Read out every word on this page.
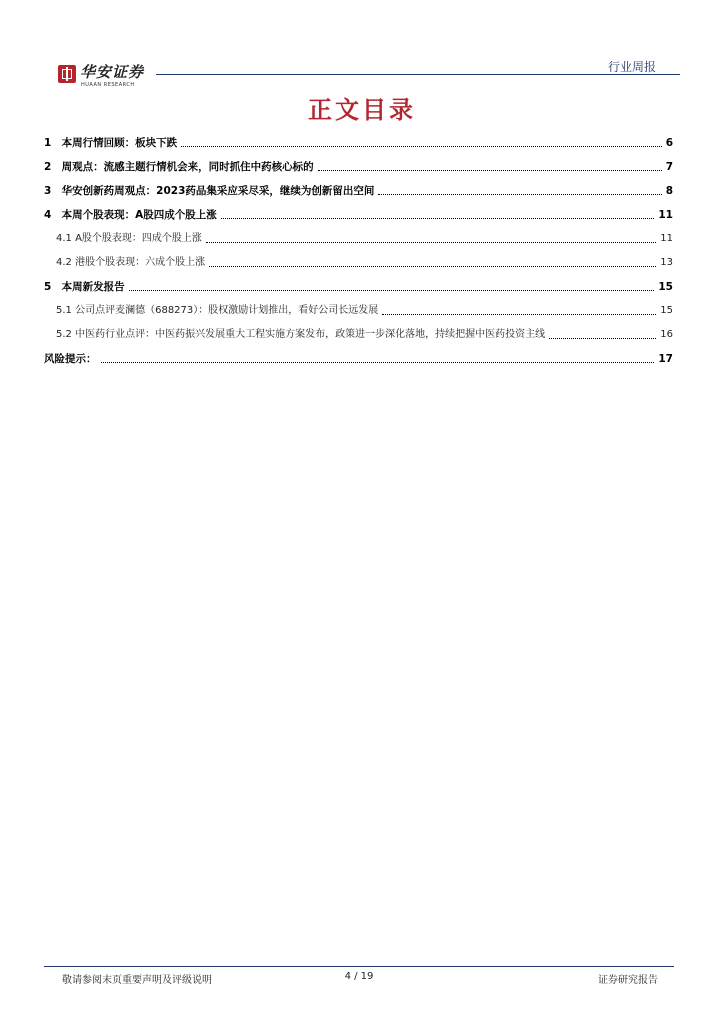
华安证券
HUAAN RESEARCH
行业周报
正文目录
1 本周行情回顾：板块下跌	6
2 周观点：流感主题行情机会来，同时抓住中药核心标的	7
3 华安创新药周观点：2023药品集采应采尽采，继续为创新留出空间	8
4 本周个股表现：A股四成个股上涨	11
4.1 A股个股表现：四成个股上涨	11
4.2 港股个股表现：六成个股上涨	13
5 本周新发报告	15
5.1 公司点评麦澜德（688273）：股权激励计划推出，看好公司长远发展	15
5.2 中医药行业点评：中医药振兴发展重大工程实施方案发布，政策进一步深化落地，持续把握中医药投资主线	16
风险提示：	17
敬请参阅末页重要声明及评级说明	4 / 19	证券研究报告
